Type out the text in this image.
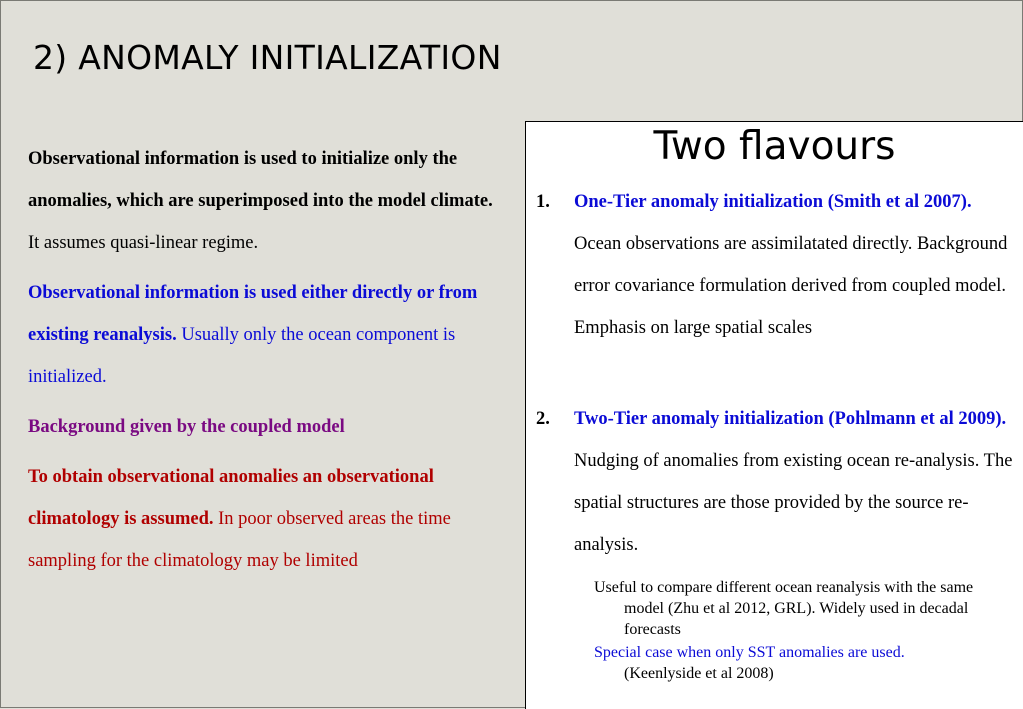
2) ANOMALY INITIALIZATION

Observational information is used to initialize only the anomalies, which are superimposed into the model climate. It assumes quasi-linear regime.

Observational information is used either directly or from existing reanalysis. Usually only the ocean component is initialized.

Background given by the coupled model

To obtain observational anomalies an observational climatology is assumed. In poor observed areas the time sampling for the climatology may be limited

Two flavours
1. One-Tier anomaly initialization (Smith et al 2007). Ocean observations are assimilatated directly. Background error covariance formulation derived from coupled model. Emphasis on large spatial scales
2. Two-Tier anomaly initialization (Pohlmann et al 2009). Nudging of anomalies from existing ocean re-analysis. The spatial structures are those provided by the source re-analysis.
Useful to compare different ocean reanalysis with the same model (Zhu et al 2012, GRL). Widely used in decadal forecasts
Special case when only SST anomalies are used.
(Keenlyside et al 2008)
